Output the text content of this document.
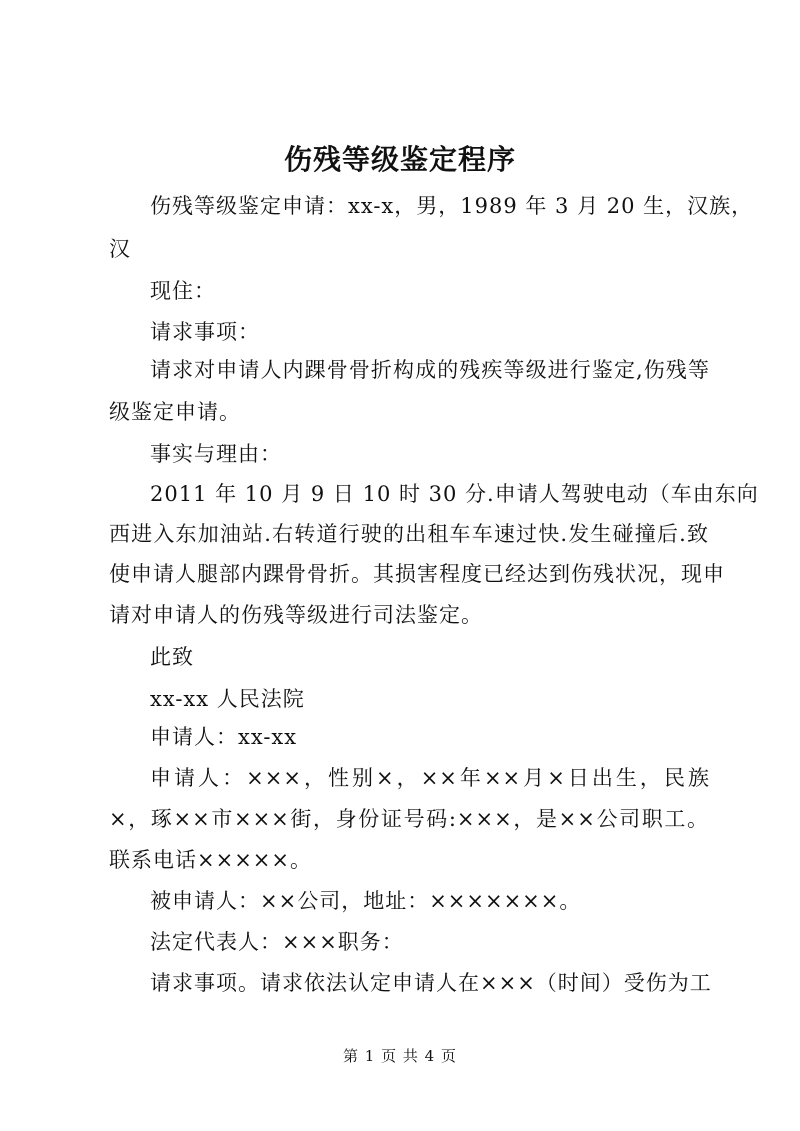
伤残等级鉴定程序
伤残等级鉴定申请：xx-x，男，1989 年 3 月 20 生，汉族，
汉
现住：
请求事项：
请求对申请人内踝骨骨折构成的残疾等级进行鉴定,伤残等
级鉴定申请。
事实与理由：
2011 年 10 月 9 日 10 时 30 分.申请人驾驶电动（车由东向
西进入东加油站.右转道行驶的出租车车速过快.发生碰撞后.致
使申请人腿部内踝骨骨折。其损害程度已经达到伤残状况，现申
请对申请人的伤残等级进行司法鉴定。
此致
xx-xx 人民法院
申请人：xx-xx
申请人：×××，性别×，××年××月×日出生，民族
×，琢××市×××街，身份证号码:×××，是××公司职工。
联系电话×××××。
被申请人：××公司，地址：×××××××。
法定代表人：×××职务：
请求事项。请求依法认定申请人在×××（时间）受伤为工
第 1 页 共 4 页
